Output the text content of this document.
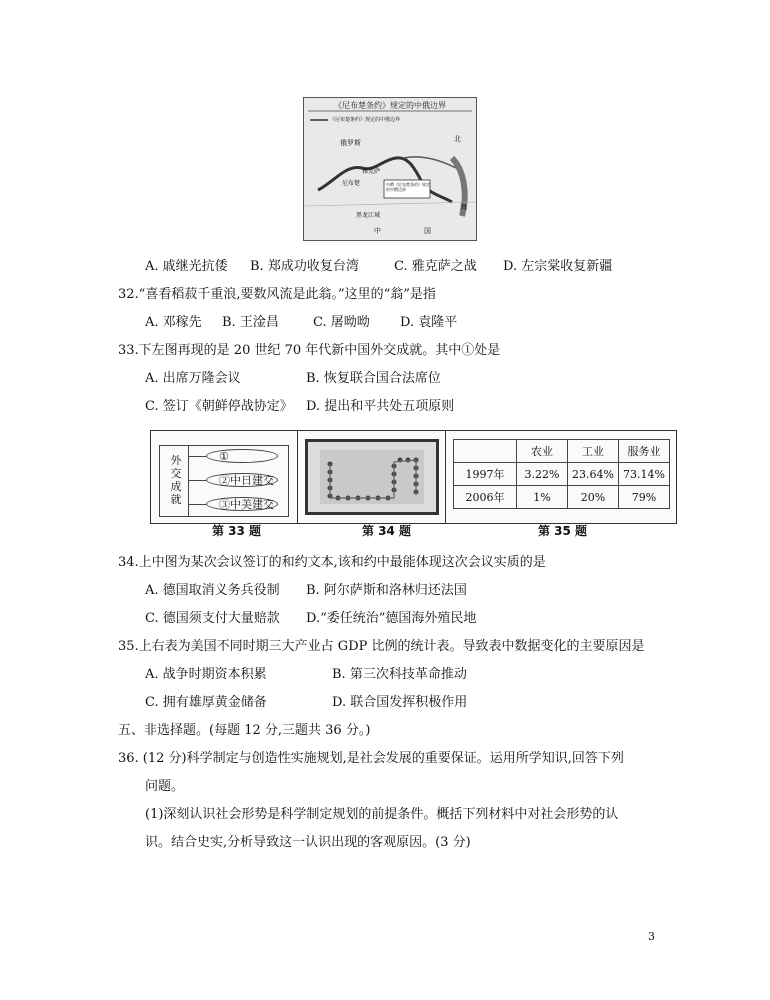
《尼布楚条约》规定的中俄边界
《尼布楚条约》规定的中俄边界
俄罗斯
尼布楚
黑龙江城
雅克萨
中俄《尼布楚条约》规定的中俄边界
中	国
北
海
A. 戚继光抗倭 B. 郑成功收复台湾	C. 雅克萨之战 D. 左宗棠收复新疆
32.“喜看稻菽千重浪,要数风流是此翁。”这里的“翁”是指
A. 邓稼先 B. 王淦昌	C. 屠呦呦 D. 袁隆平
33.下左图再现的是 20 世纪 70 年代新中国外交成就。其中①处是
A. 出席万隆会议	B. 恢复联合国合法席位
C. 签订《朝鲜停战协定》 D. 提出和平共处五项原则
外交成就
①
②中日建交
③中美建交
	农业	工业	服务业
1997年	3.22%	23.64%	73.14%
2006年	1%	20%	79%
第 33 题	第 34 题	第 35 题
34.上中图为某次会议签订的和约文本,该和约中最能体现这次会议实质的是
A. 德国取消义务兵役制 B. 阿尔萨斯和洛林归还法国
C. 德国须支付大量赔款 D.“委任统治”德国海外殖民地
35.上右表为美国不同时期三大产业占 GDP 比例的统计表。导致表中数据变化的主要原因是
A. 战争时期资本积累	B. 第三次科技革命推动
C. 拥有雄厚黄金储备	D. 联合国发挥积极作用
五、非选择题。(每题 12 分,三题共 36 分。)
36. (12 分)科学制定与创造性实施规划,是社会发展的重要保证。运用所学知识,回答下列
问题。
(1)深刻认识社会形势是科学制定规划的前提条件。概括下列材料中对社会形势的认
识。结合史实,分析导致这一认识出现的客观原因。(3 分)
3
